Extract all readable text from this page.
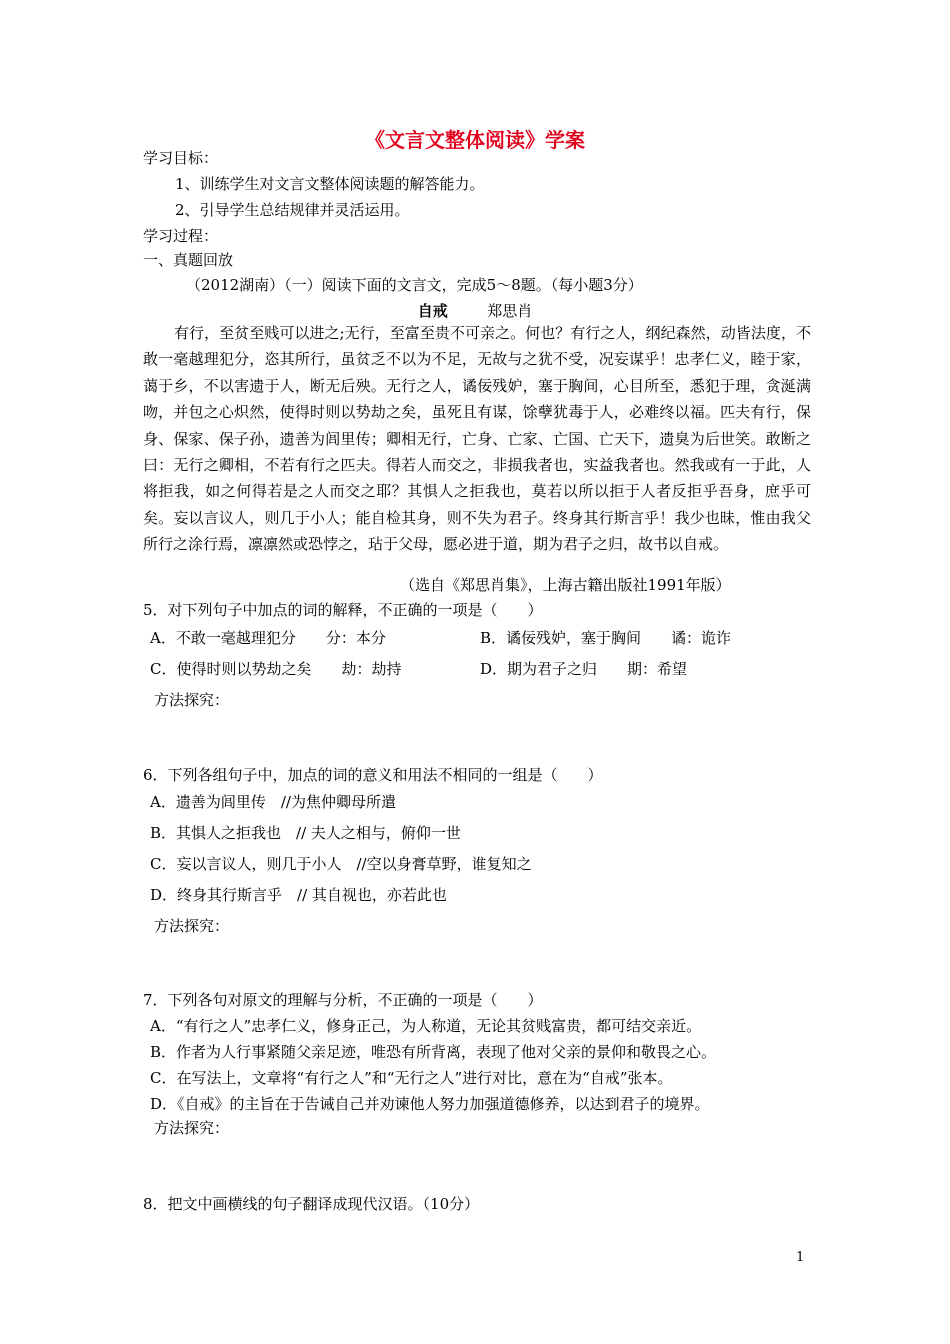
《文言文整体阅读》学案
学习目标：
1、训练学生对文言文整体阅读题的解答能力。
2、引导学生总结规律并灵活运用。
学习过程：
一、真题回放
（2012湖南）（一）阅读下面的文言文，完成5～8题。（每小题3分）
自戒	郑思肖
有行，至贫至贱可以进之;无行，至富至贵不可亲之。何也？有行之人，纲纪森然，动皆法度，不敢一毫越理犯分，恣其所行，虽贫乏不以为不足，无故与之犹不受，况妄谋乎！忠孝仁义，睦于家，蔼于乡，不以害遗于人，断无后殃。无行之人，谲佞残妒，塞于胸间，心目所至，悉犯于理，贪涎满吻，并包之心炽然，使得时则以势劫之矣，虽死且有谋，馀孽犹毒于人，必难终以福。匹夫有行，保身、保家、保子孙，遗善为闾里传；卿相无行，亡身、亡家、亡国、亡天下，遗臭为后世笑。敢断之曰：无行之卿相，不若有行之匹夫。得若人而交之，非损我者也，实益我者也。然我或有一于此，人将拒我，如之何得若是之人而交之耶？其惧人之拒我也，莫若以所以拒于人者反拒乎吾身，庶乎可矣。妄以言议人，则几于小人；能自检其身，则不失为君子。终身其行斯言乎！我少也昧，惟由我父所行之涂行焉，凛凛然或恐悖之，玷于父母，愿必进于道，期为君子之归，故书以自戒。
（选自《郑思肖集》，上海古籍出版社1991年版）
5．对下列句子中加点的词的解释，不正确的一项是（　　）
A．不敢一毫越理犯分　　分：本分	B．谲佞残妒，塞于胸间　　谲：诡诈
C．使得时则以势劫之矣　　劫：劫持	D．期为君子之归　　期：希望
方法探究：
6．下列各组句子中，加点的词的意义和用法不相同的一组是（　　）
A．遗善为闾里传　//为焦仲卿母所遣
B．其惧人之拒我也　// 夫人之相与，俯仰一世
C．妄以言议人，则几于小人　//空以身膏草野，谁复知之
D．终身其行斯言乎　// 其自视也，亦若此也
方法探究：
7．下列各句对原文的理解与分析，不正确的一项是（　　）
A．“有行之人”忠孝仁义，修身正己，为人称道，无论其贫贱富贵，都可结交亲近。
B．作者为人行事紧随父亲足迹，唯恐有所背离，表现了他对父亲的景仰和敬畏之心。
C．在写法上，文章将“有行之人”和“无行之人”进行对比，意在为“自戒”张本。
D．《自戒》的主旨在于告诫自己并劝谏他人努力加强道德修养，以达到君子的境界。
方法探究：
8．把文中画横线的句子翻译成现代汉语。（10分）
1
